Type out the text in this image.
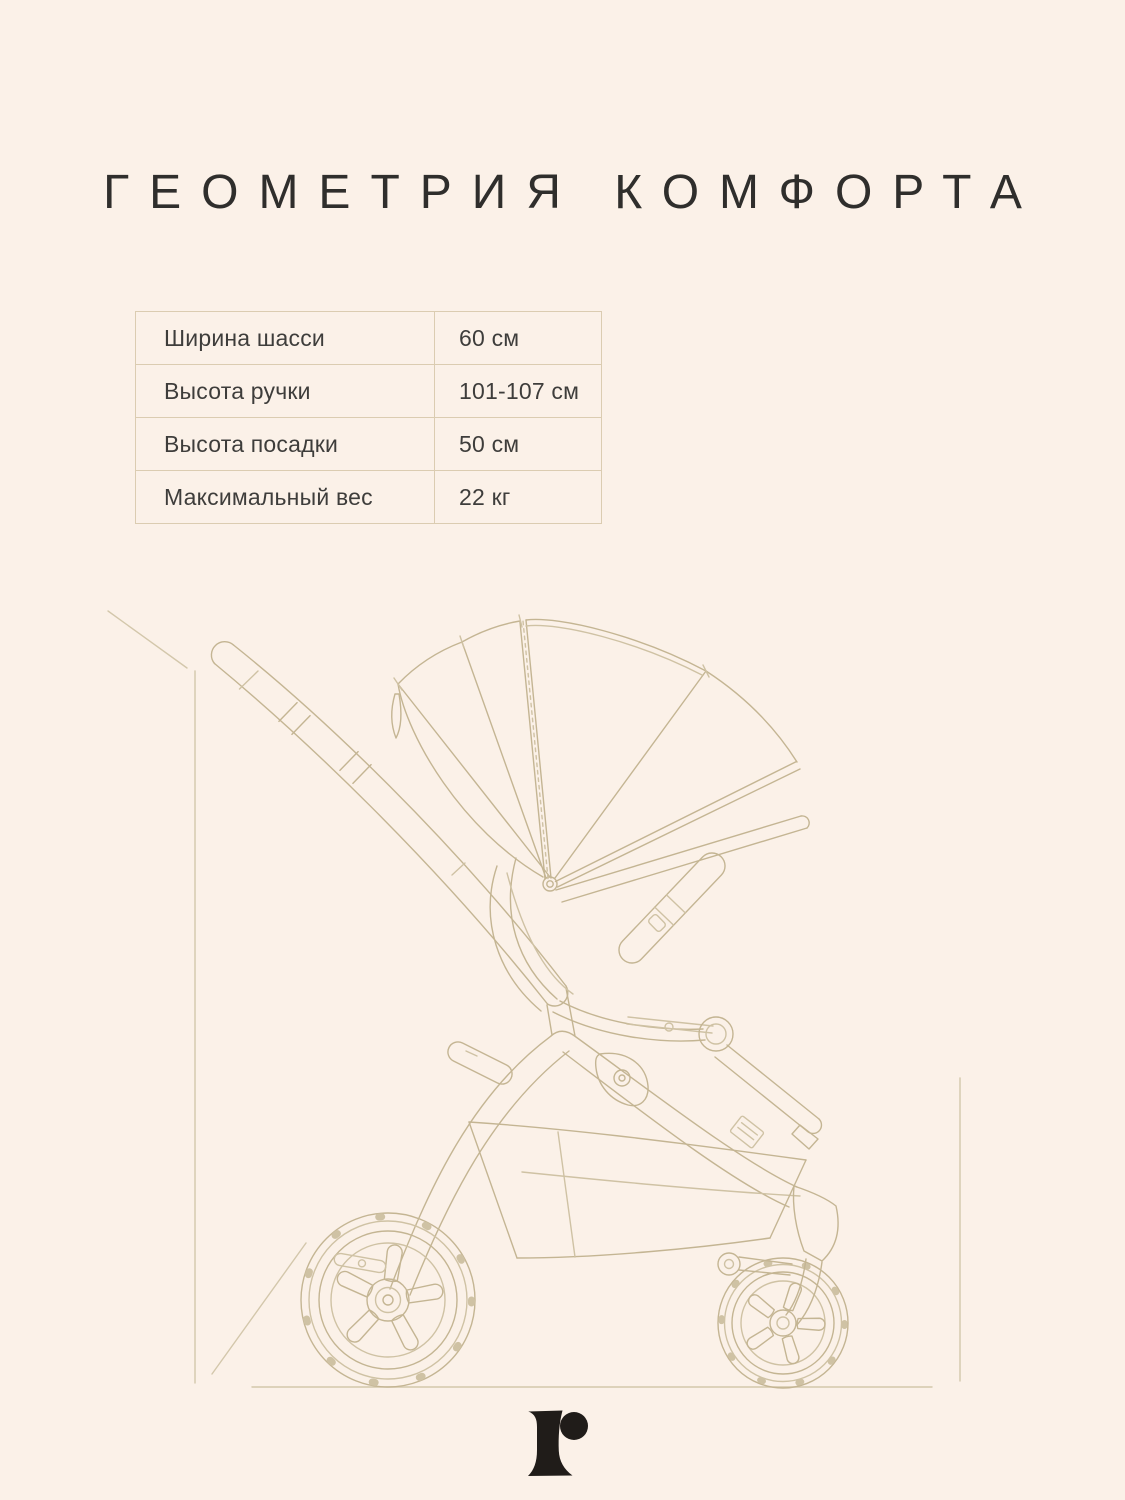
ГЕОМЕТРИЯ КОМФОРТА
Ширина шасси	60 см
Высота ручки	101-107 см
Высота посадки	50 см
Максимальный вес	22 кг
